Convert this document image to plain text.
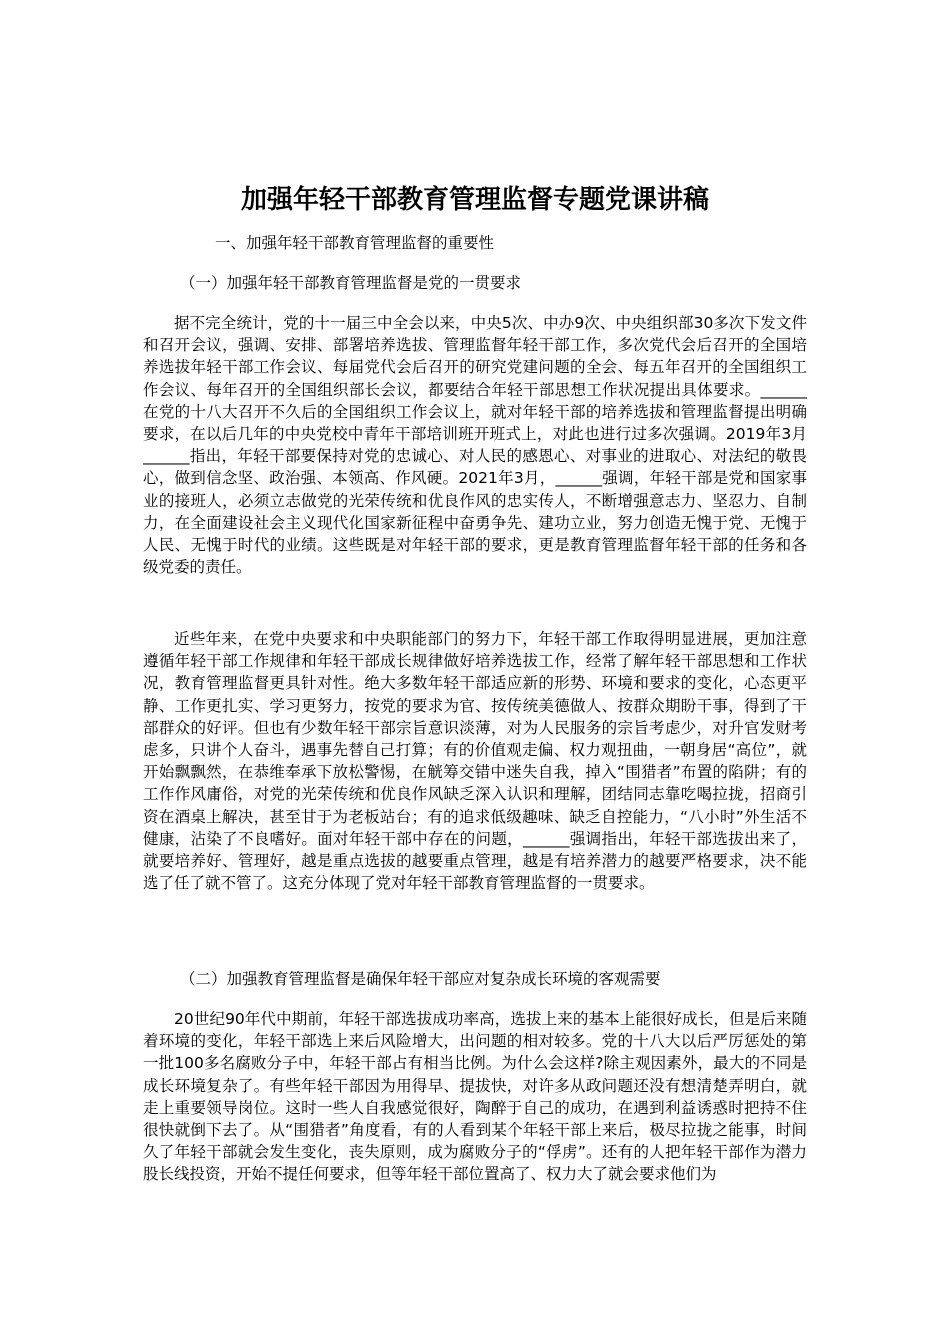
加强年轻干部教育管理监督专题党课讲稿

一、加强年轻干部教育管理监督的重要性

（一）加强年轻干部教育管理监督是党的一贯要求

据不完全统计，党的十一届三中全会以来，中央5次、中办9次、中央组织部30多次下发文件和召开会议，强调、安排、部署培养选拔、管理监督年轻干部工作，多次党代会后召开的全国培养选拔年轻干部工作会议、每届党代会后召开的研究党建问题的全会、每五年召开的全国组织工作会议、每年召开的全国组织部长会议，都要结合年轻干部思想工作状况提出具体要求。______在党的十八大召开不久后的全国组织工作会议上，就对年轻干部的培养选拔和管理监督提出明确要求，在以后几年的中央党校中青年干部培训班开班式上，对此也进行过多次强调。2019年3月______指出，年轻干部要保持对党的忠诚心、对人民的感恩心、对事业的进取心、对法纪的敬畏心，做到信念坚、政治强、本领高、作风硬。2021年3月，______强调，年轻干部是党和国家事业的接班人，必须立志做党的光荣传统和优良作风的忠实传人，不断增强意志力、坚忍力、自制力，在全面建设社会主义现代化国家新征程中奋勇争先、建功立业，努力创造无愧于党、无愧于人民、无愧于时代的业绩。这些既是对年轻干部的要求，更是教育管理监督年轻干部的任务和各级党委的责任。

近些年来，在党中央要求和中央职能部门的努力下，年轻干部工作取得明显进展，更加注意遵循年轻干部工作规律和年轻干部成长规律做好培养选拔工作，经常了解年轻干部思想和工作状况，教育管理监督更具针对性。绝大多数年轻干部适应新的形势、环境和要求的变化，心态更平静、工作更扎实、学习更努力，按党的要求为官、按传统美德做人、按群众期盼干事，得到了干部群众的好评。但也有少数年轻干部宗旨意识淡薄，对为人民服务的宗旨考虑少，对升官发财考虑多，只讲个人奋斗，遇事先替自己打算；有的价值观走偏、权力观扭曲，一朝身居“高位”，就开始飘飘然，在恭维奉承下放松警惕，在觥筹交错中迷失自我，掉入“围猎者”布置的陷阱；有的工作作风庸俗，对党的光荣传统和优良作风缺乏深入认识和理解，团结同志靠吃喝拉拢，招商引资在酒桌上解决，甚至甘于为老板站台；有的追求低级趣味、缺乏自控能力，“八小时”外生活不健康，沾染了不良嗜好。面对年轻干部中存在的问题，______强调指出，年轻干部选拔出来了，就要培养好、管理好，越是重点选拔的越要重点管理，越是有培养潜力的越要严格要求，决不能选了任了就不管了。这充分体现了党对年轻干部教育管理监督的一贯要求。

（二）加强教育管理监督是确保年轻干部应对复杂成长环境的客观需要

20世纪90年代中期前，年轻干部选拔成功率高，选拔上来的基本上能很好成长，但是后来随着环境的变化，年轻干部选上来后风险增大，出问题的相对较多。党的十八大以后严厉惩处的第一批100多名腐败分子中，年轻干部占有相当比例。为什么会这样?除主观因素外，最大的不同是成长环境复杂了。有些年轻干部因为用得早、提拔快，对许多从政问题还没有想清楚弄明白，就走上重要领导岗位。这时一些人自我感觉很好，陶醉于自己的成功，在遇到利益诱惑时把持不住很快就倒下去了。从“围猎者”角度看，有的人看到某个年轻干部上来后，极尽拉拢之能事，时间久了年轻干部就会发生变化，丧失原则，成为腐败分子的“俘虏”。还有的人把年轻干部作为潜力股长线投资，开始不提任何要求，但等年轻干部位置高了、权力大了就会要求他们为
